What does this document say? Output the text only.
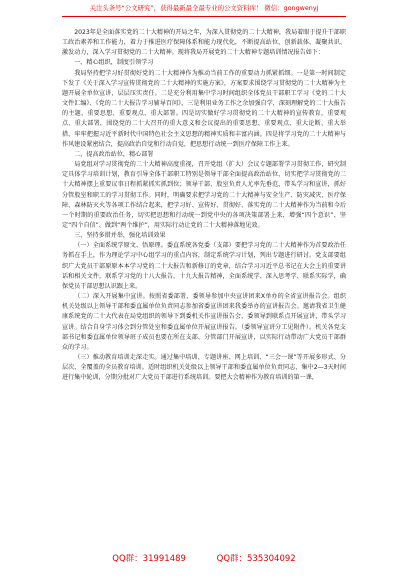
关注头条号“公文研究”，获得最新最全最专业的公文资料库！ 微信：gongwenyj

2023年是全面落实党的二十大精神的开局之年，为深入贯彻党的二十大精神，我局着眼于提升干部职工政治素养和工作能力，着力于推进医疗保障体系和能力现代化，不断提高站位、创新载体、凝聚共识、激发动力，深入学习贯彻党的二十大精神。现将我局开展党的二十大精神专题培训情况报告如下：

一、精心组织，制度引领学习

我局坚持把学习好贯彻好党的二十大精神作为推动当前工作的重要动力抓紧抓细。一是第一时间制定下发了《关于深入学习宣传贯彻党的二十大精神的实施方案》，方案要求围绕学习贯彻党的二十大精神为主题开展全单位宣讲，层层压实责任。二是充分利用集中学习时间组织全体党员干部职工学习《党的二十大文件汇编》、《党的二十大报告学习辅导百问》，三是利用业务工作之余加强自学，深刻理解党的二十大报告的主题、重要思想、重要观点、重大部署。四是切实做好学习贯彻党的二十大精神的宣传教育，重要观点、重大部署，围绕党的二十大召开的重大意义和会议提出的重要思想、重要观点、重大论断、重大举措，牢牢把握习近平新时代中国特色社会主义思想的精神实质和丰富内涵。四是将学习党的二十大精神与作风建设紧密结合，提高政治自觉和行动自觉，把思想行动统一到医疗保障工作上来。

二、提高政治站位，精心部署

局党组对学习贯彻党的二十大精神高度重视，召开党组（扩大）会议专题部署学习贯彻工作，研究制定具体学习培训计划，教育引导全体干部职工特别是领导干部全面提高政治站位，切实把学习贯彻党的二十大精神摆上重要议事日程抓紧抓实抓到位；领导干部、股室负责人尤率先垂范、带头学习和宣讲，抓好分管股室和职工的学习贯彻工作。同时，明确要求把学习党的二十大精神与安全生产、防灾减灾、医疗保障、森林防灭火等各项工作结合起来，把学习好、宣传好、贯彻好、落实党的二十大精神作为当前和今后一个时期的重要政治任务，切实把思想和行动统一到党中央的各项决策部署上来，增强“四个意识”、坚定“四个自信”、做到“两个维护”，用实际行动让党的二十大精神落地见效。

三、坚持多措并举，强化培训效果

（一）全面系统学原文、悟原理。委直系统各党委（支部）要把学习党的二十大精神作为首要政治任务抓在手上，作为理论学习中心组学习的重点内容，制定系统学习计划，列出专题进行研讨。党支部要组织广大党员干部原原本本学习党的二十大报告和新修订的党章，结合学习习近平总书记在大会上的重要讲话和相关文件，联系学习党的十八大报告、十九大报告精神，全面系统学、深入思考学、联系实际学，确保党员干部思想认识跟上来。

（二）深入开展集中宣讲。按照省委部署，委领导参加中央宣讲团来X单办的全省宣讲报告会。组织机关处级以上领导干部和委直属单位负责同志参加省委宣讲团来我委举办的宣讲报告会。邀请我省卫生健康系统党的二十大代表在局党组织的领导下到委机关作宣讲报告会，委领导到联系点开展宣讲，带头学习宣讲。结合自身学习体会到分管处室和委直属单位开展宣讲报告。（委领导宣讲分工见附件）。机关各党支部书记和委直属单位领导班子成员也要在所在支部、分管部门开展宣讲，以实际行动带动广大党员干部群众的学习。

（三）推动教育培训走深走实。通过集中培训、专题讲座、网上培训、“三会一课”等开展多形式、分层次、全覆盖的全员教育培训。适时组织机关处级以上领导干部和委直属单位负责同志，集中2—3天时间进行集中轮训，分期分批对广大党员干部进行系统培训。要把大会精神作为教育培训的第一课，

QQ群：31991489	QQ群：535304092
